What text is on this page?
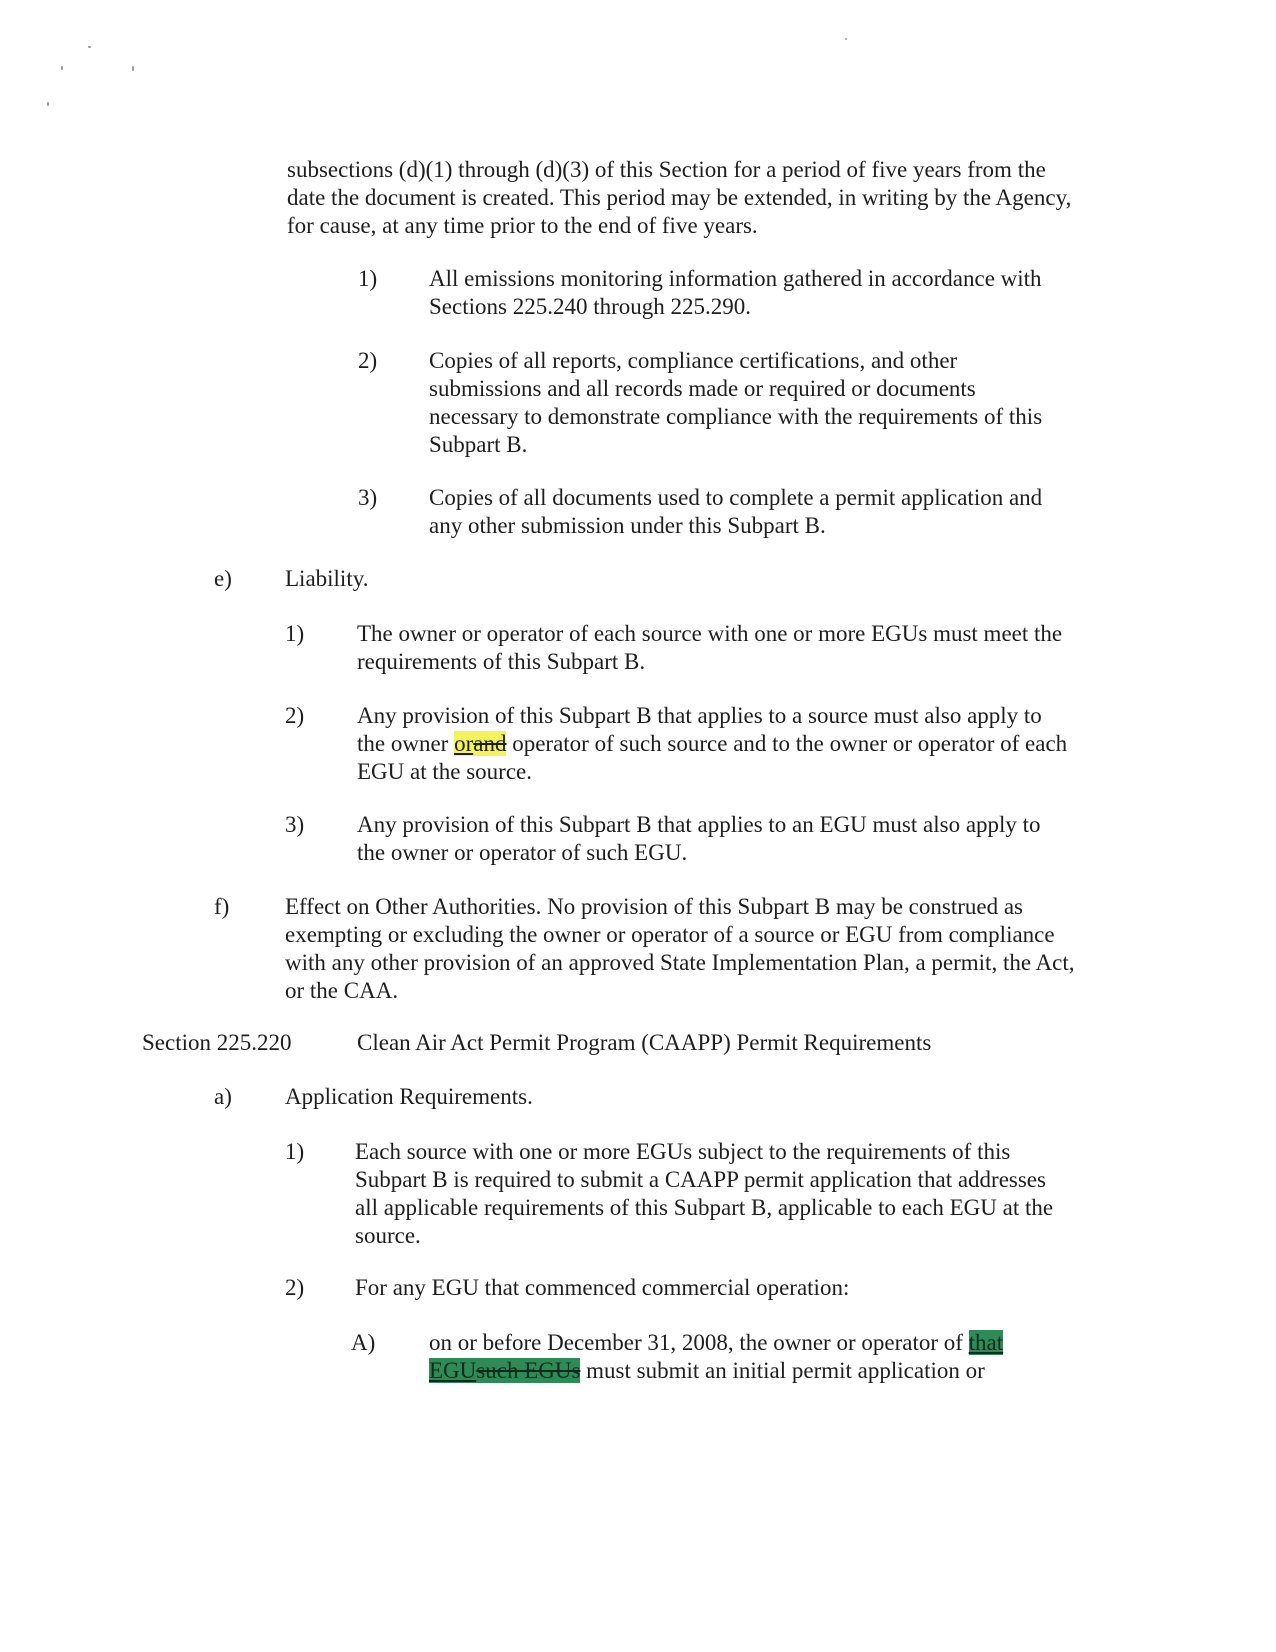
subsections (d)(1) through (d)(3) of this Section for a period of five years from the date the document is created. This period may be extended, in writing by the Agency, for cause, at any time prior to the end of five years.

1) All emissions monitoring information gathered in accordance with Sections 225.240 through 225.290.

2) Copies of all reports, compliance certifications, and other submissions and all records made or required or documents necessary to demonstrate compliance with the requirements of this Subpart B.

3) Copies of all documents used to complete a permit application and any other submission under this Subpart B.

e) Liability.
1) The owner or operator of each source with one or more EGUs must meet the requirements of this Subpart B.

2) Any provision of this Subpart B that applies to a source must also apply to the owner orand operator of such source and to the owner or operator of each EGU at the source.

3) Any provision of this Subpart B that applies to an EGU must also apply to the owner or operator of such EGU.

f) Effect on Other Authorities. No provision of this Subpart B may be construed as exempting or excluding the owner or operator of a source or EGU from compliance with any other provision of an approved State Implementation Plan, a permit, the Act, or the CAA.

Section 225.220	Clean Air Act Permit Program (CAAPP) Permit Requirements
a) Application Requirements.
1) Each source with one or more EGUs subject to the requirements of this Subpart B is required to submit a CAAPP permit application that addresses all applicable requirements of this Subpart B, applicable to each EGU at the source.

2) For any EGU that commenced commercial operation:

A) on or before December 31, 2008, the owner or operator of that EGUsuch EGUs must submit an initial permit application or
